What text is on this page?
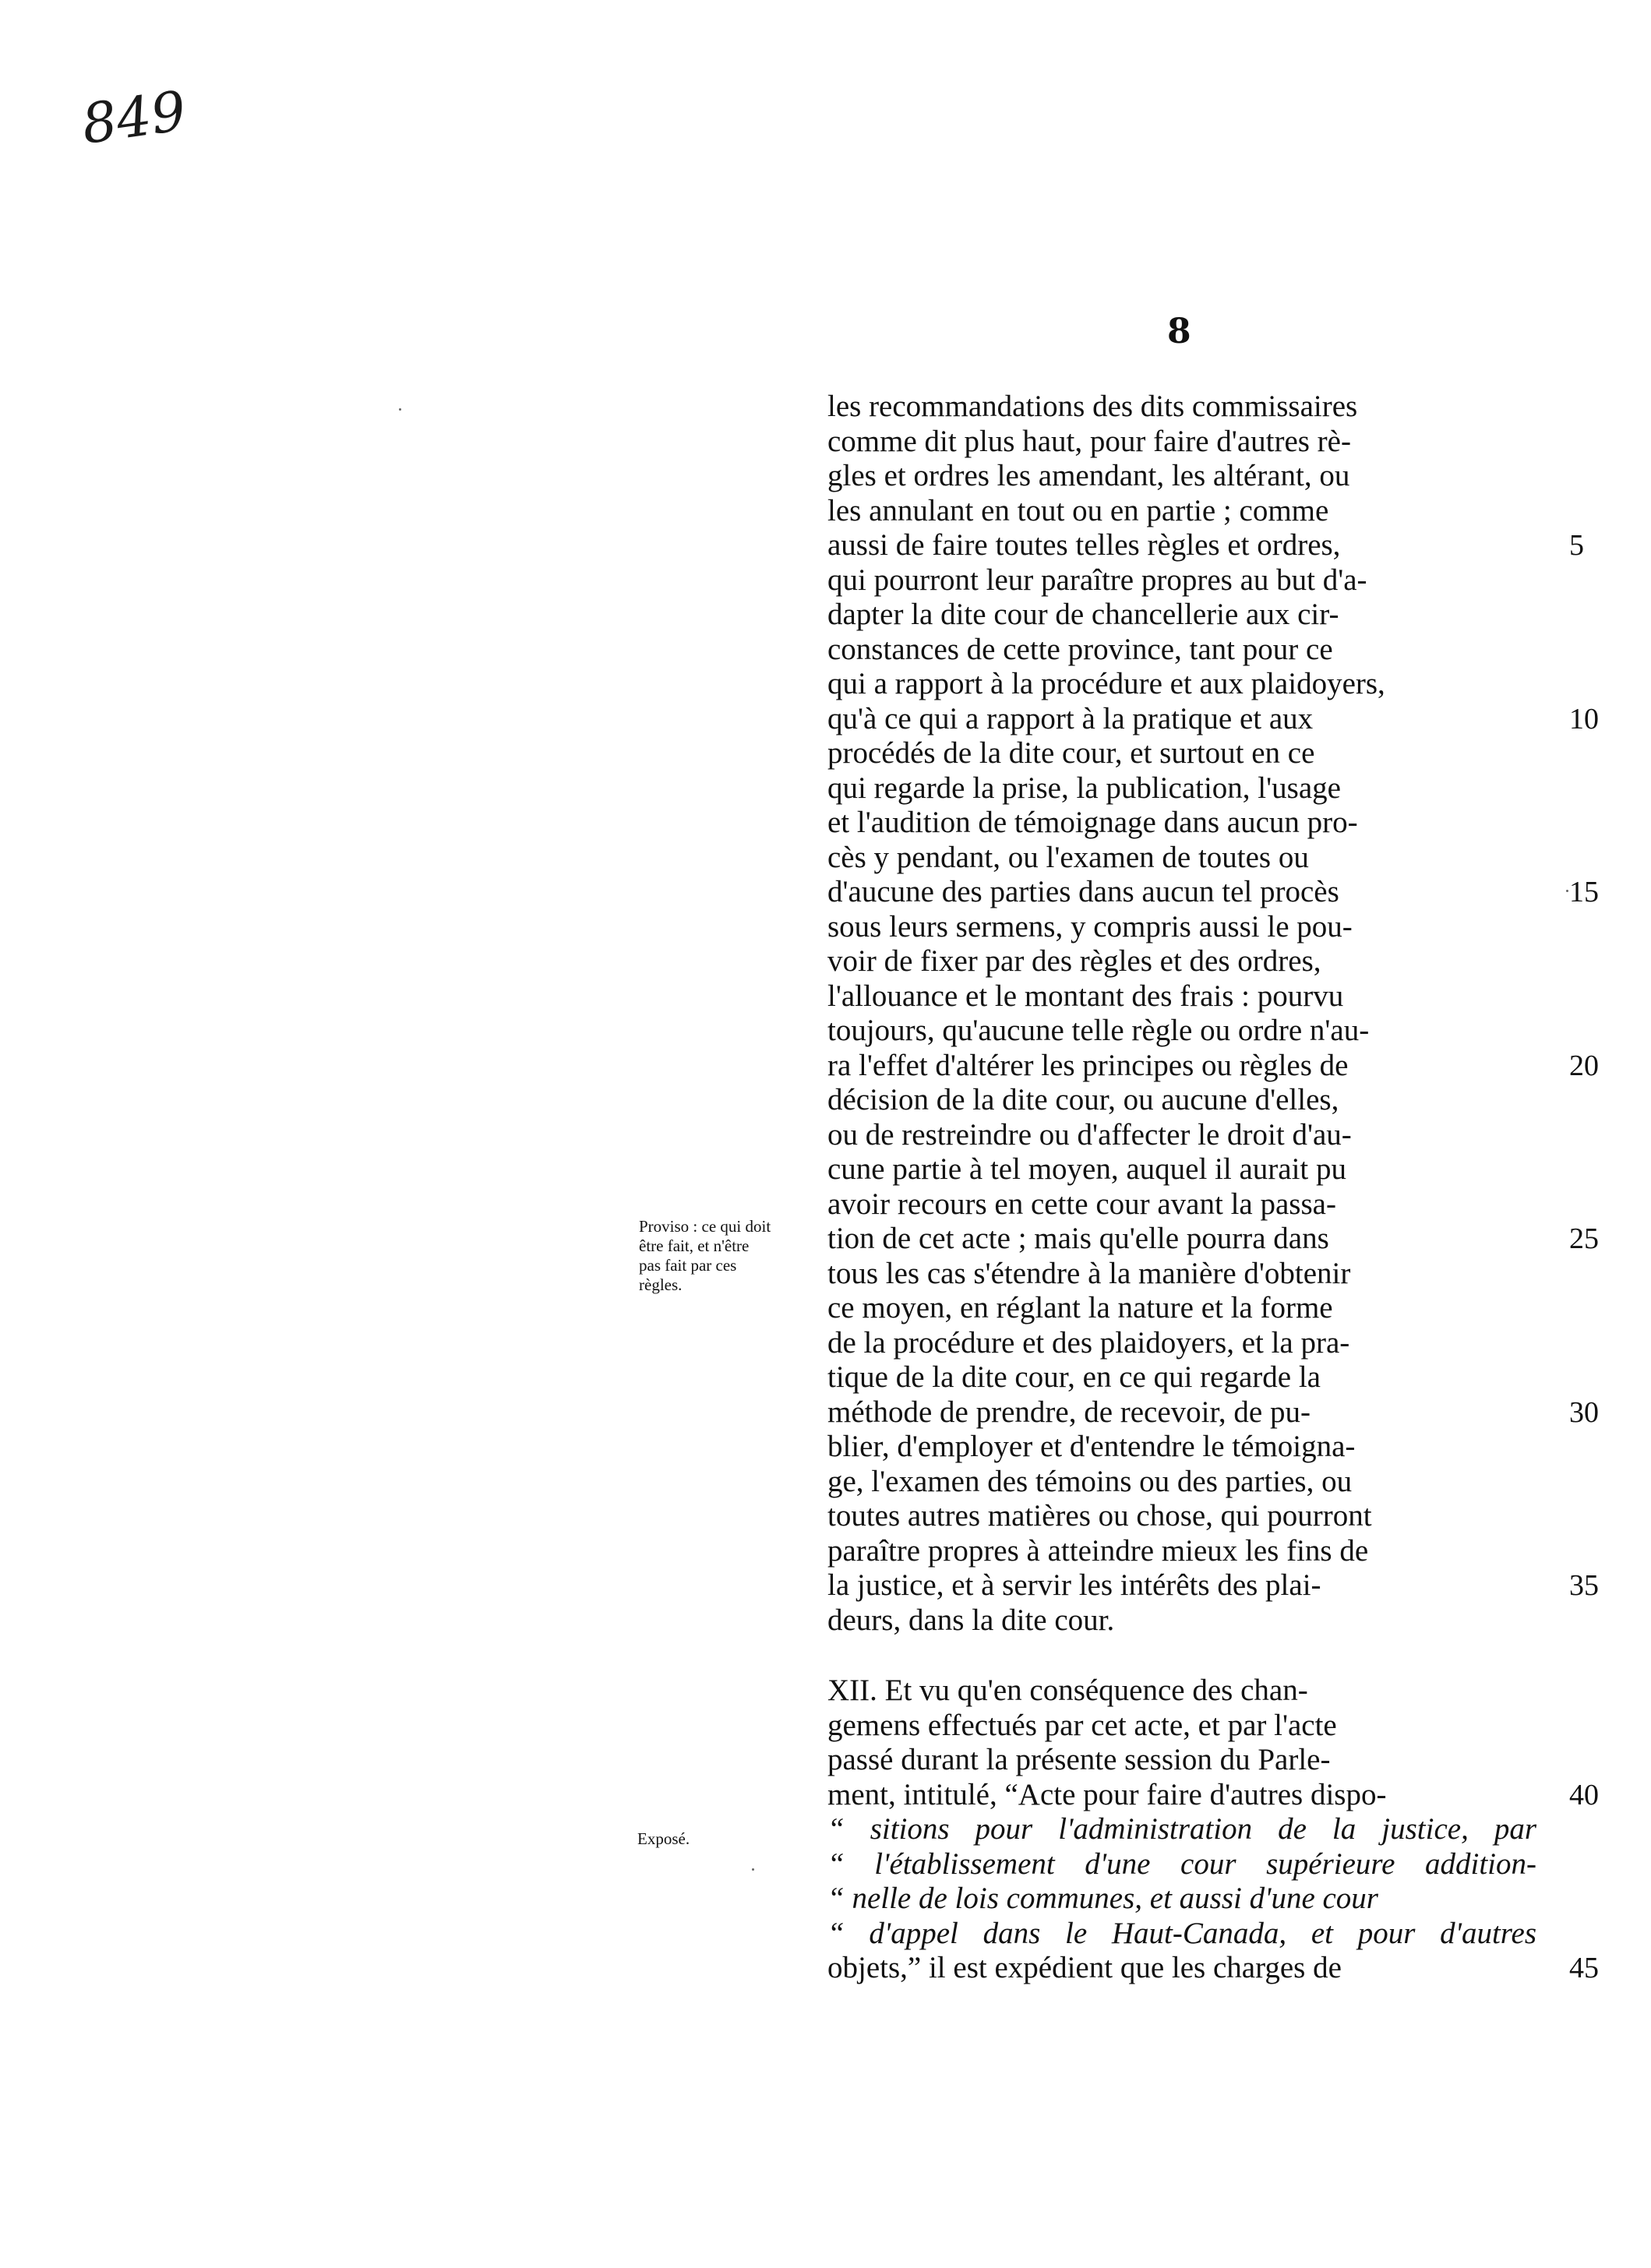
849
8
Proviso : ce qui doit être fait, et n'être pas fait par ces règles.
Exposé.
les recommandations des dits commissaires
comme dit plus haut, pour faire d'autres rè-
gles et ordres les amendant, les altérant, ou
les annulant en tout ou en partie ; comme
aussi de faire toutes telles règles et ordres,	5
qui pourront leur paraître propres au but d'a-
dapter la dite cour de chancellerie aux cir-
constances de cette province, tant pour ce
qui a rapport à la procédure et aux plaidoyers,
qu'à ce qui a rapport à la pratique et aux	10
procédés de la dite cour, et surtout en ce
qui regarde la prise, la publication, l'usage
et l'audition de témoignage dans aucun pro-
cès y pendant, ou l'examen de toutes ou
d'aucune des parties dans aucun tel procès	15
sous leurs sermens, y compris aussi le pou-
voir de fixer par des règles et des ordres,
l'allouance et le montant des frais : pourvu
toujours, qu'aucune telle règle ou ordre n'au-
ra l'effet d'altérer les principes ou règles de	20
décision de la dite cour, ou aucune d'elles,
ou de restreindre ou d'affecter le droit d'au-
cune partie à tel moyen, auquel il aurait pu
avoir recours en cette cour avant la passa-
tion de cet acte ; mais qu'elle pourra dans	25
tous les cas s'étendre à la manière d'obtenir
ce moyen, en réglant la nature et la forme
de la procédure et des plaidoyers, et la pra-
tique de la dite cour, en ce qui regarde la
méthode de prendre, de recevoir, de pu-	30
blier, d'employer et d'entendre le témoigna-
ge, l'examen des témoins ou des parties, ou
toutes autres matières ou chose, qui pourront
paraître propres à atteindre mieux les fins de
la justice, et à servir les intérêts des plai-	35
deurs, dans la dite cour.
XII. Et vu qu'en conséquence des chan-
gemens effectués par cet acte, et par l'acte
passé durant la présente session du Parle-
ment, intitulé, “Acte pour faire d'autres dispo-	40
“ sitions pour l'administration de la justice, par
“ l'établissement d'une cour supérieure addition-
“ nelle de lois communes, et aussi d'une cour
“ d'appel dans le Haut-Canada, et pour d'autres
objets,” il est expédient que les charges de	45
